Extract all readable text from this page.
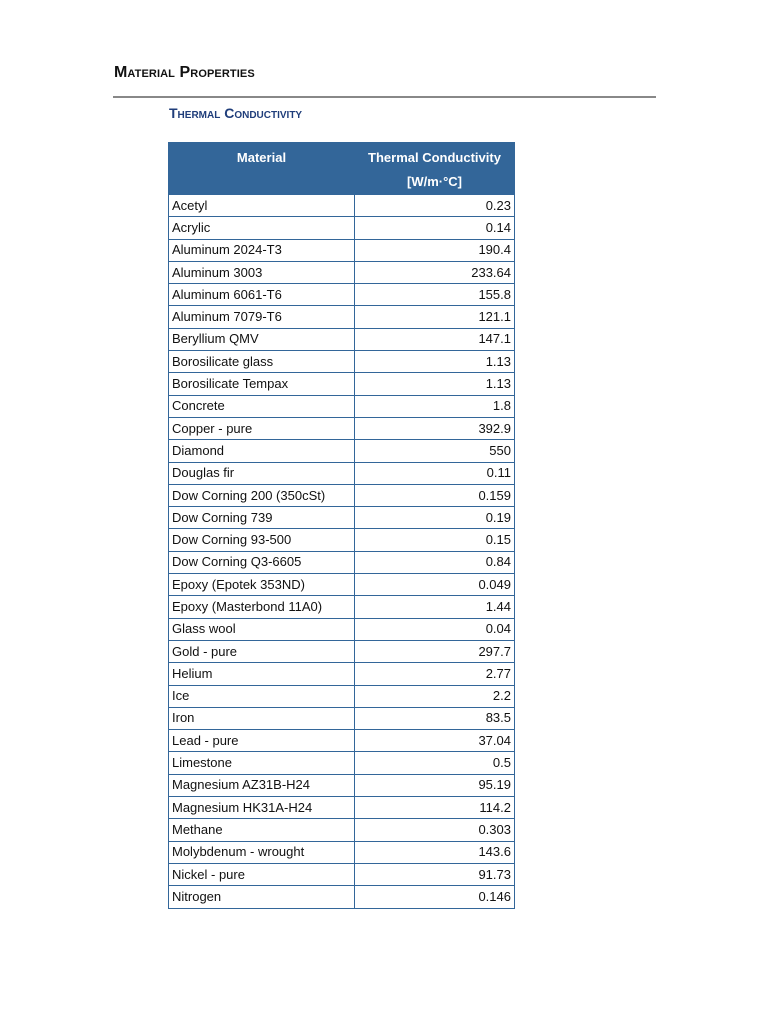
Material Properties
Thermal Conductivity
Material	Thermal Conductivity
[W/m·°C]

Acetyl	0.23
Acrylic	0.14
Aluminum 2024-T3	190.4
Aluminum 3003	233.64
Aluminum 6061-T6	155.8
Aluminum 7079-T6	121.1
Beryllium QMV	147.1
Borosilicate glass	1.13
Borosilicate Tempax	1.13
Concrete	1.8
Copper - pure	392.9
Diamond	550
Douglas fir	0.11
Dow Corning 200 (350cSt)	0.159
Dow Corning 739	0.19
Dow Corning 93-500	0.15
Dow Corning Q3-6605	0.84
Epoxy (Epotek 353ND)	0.049
Epoxy (Masterbond 11A0)	1.44
Glass wool	0.04
Gold - pure	297.7
Helium	2.77
Ice	2.2
Iron	83.5
Lead - pure	37.04
Limestone	0.5
Magnesium AZ31B-H24	95.19
Magnesium HK31A-H24	114.2
Methane	0.303
Molybdenum - wrought	143.6
Nickel - pure	91.73
Nitrogen	0.146
